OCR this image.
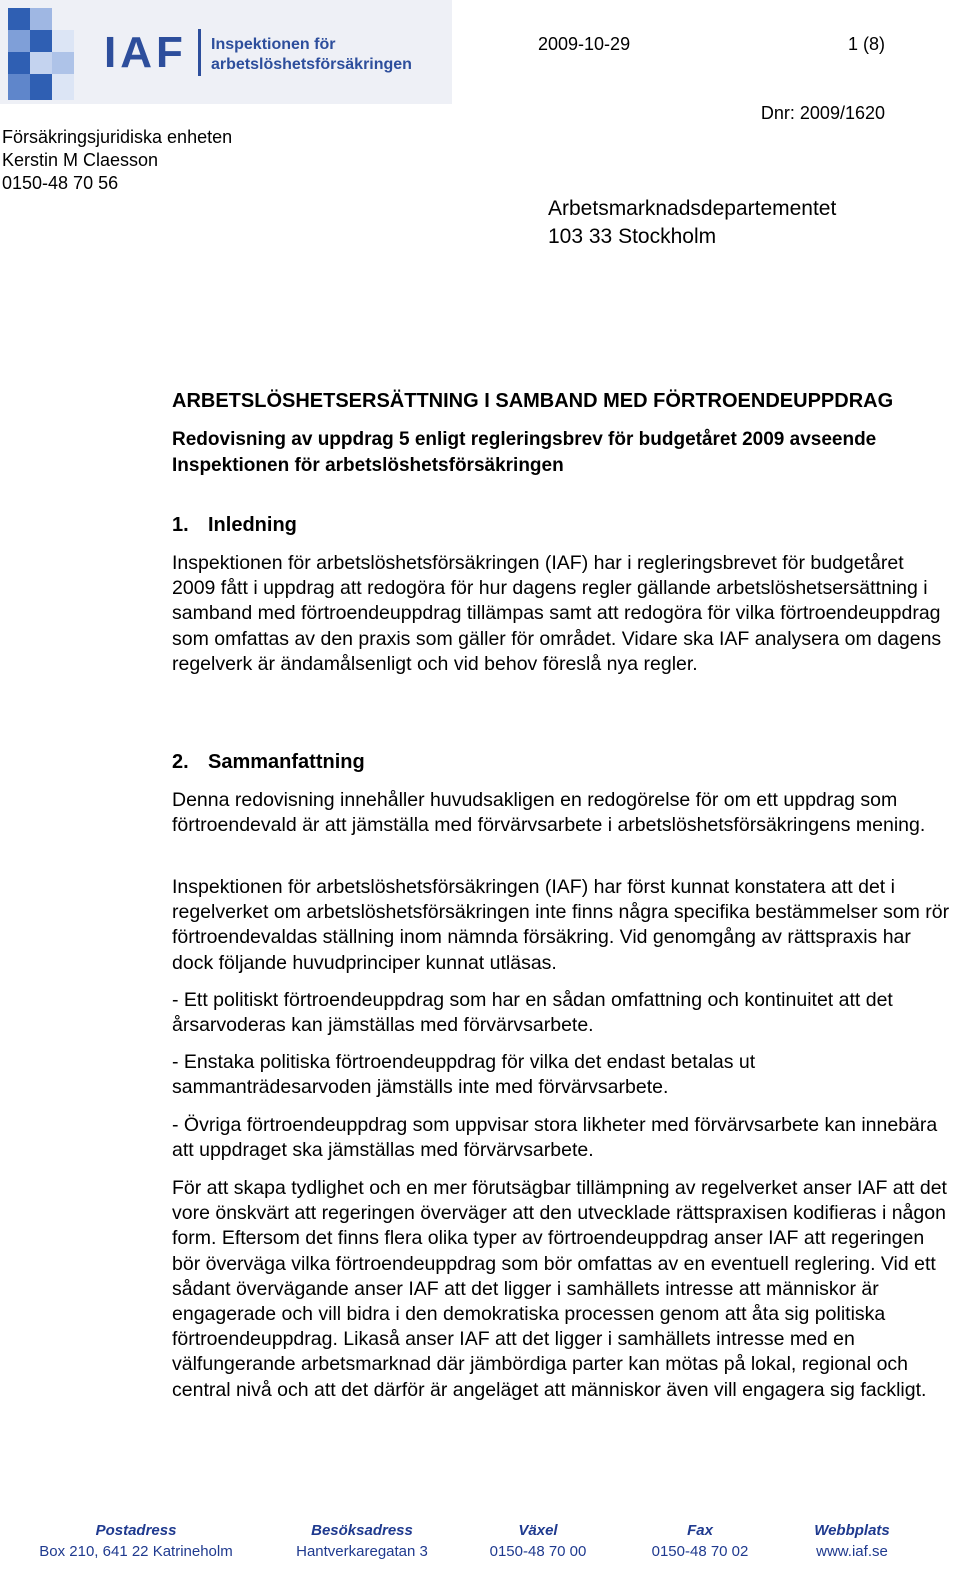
IAF Inspektionen för
arbetslöshetsförsäkringen
2009-10-29	1 (8)
Dnr: 2009/1620
Försäkringsjuridiska enheten
Kerstin M Claesson
0150-48 70 56
Arbetsmarknadsdepartementet
103 33 Stockholm
ARBETSLÖSHETSERSÄTTNING I SAMBAND MED FÖRTROENDEUPPDRAG
Redovisning av uppdrag 5 enligt regleringsbrev för budgetåret 2009 avseende Inspektionen för arbetslöshetsförsäkringen
1. Inledning
Inspektionen för arbetslöshetsförsäkringen (IAF) har i regleringsbrevet för budgetåret 2009 fått i uppdrag att redogöra för hur dagens regler gällande arbetslöshetsersättning i samband med förtroendeuppdrag tillämpas samt att redogöra för vilka förtroendeuppdrag som omfattas av den praxis som gäller för området. Vidare ska IAF analysera om dagens regelverk är ändamålsenligt och vid behov föreslå nya regler.
2. Sammanfattning
Denna redovisning innehåller huvudsakligen en redogörelse för om ett uppdrag som förtroendevald är att jämställa med förvärvsarbete i arbetslöshetsförsäkringens mening.
Inspektionen för arbetslöshetsförsäkringen (IAF) har först kunnat konstatera att det i regelverket om arbetslöshetsförsäkringen inte finns några specifika bestämmelser som rör förtroendevaldas ställning inom nämnda försäkring. Vid genomgång av rättspraxis har dock följande huvudprinciper kunnat utläsas.
- Ett politiskt förtroendeuppdrag som har en sådan omfattning och kontinuitet att det årsarvoderas kan jämställas med förvärvsarbete.
- Enstaka politiska förtroendeuppdrag för vilka det endast betalas ut sammanträdesarvoden jämställs inte med förvärvsarbete.
- Övriga förtroendeuppdrag som uppvisar stora likheter med förvärvsarbete kan innebära att uppdraget ska jämställas med förvärvsarbete.
För att skapa tydlighet och en mer förutsägbar tillämpning av regelverket anser IAF att det vore önskvärt att regeringen överväger att den utvecklade rättspraxisen kodifieras i någon form. Eftersom det finns flera olika typer av förtroendeuppdrag anser IAF att regeringen bör överväga vilka förtroendeuppdrag som bör omfattas av en eventuell reglering. Vid ett sådant övervägande anser IAF att det ligger i samhällets intresse att människor är engagerade och vill bidra i den demokratiska processen genom att åta sig politiska förtroendeuppdrag. Likaså anser IAF att det ligger i samhällets intresse med en välfungerande arbetsmarknad där jämbördiga parter kan mötas på lokal, regional och central nivå och att det därför är angeläget att människor även vill engagera sig fackligt.
Postadress
Box 210, 641 22 Katrineholm
Besöksadress
Hantverkaregatan 3
Växel
0150-48 70 00
Fax
0150-48 70 02
Webbplats
www.iaf.se
